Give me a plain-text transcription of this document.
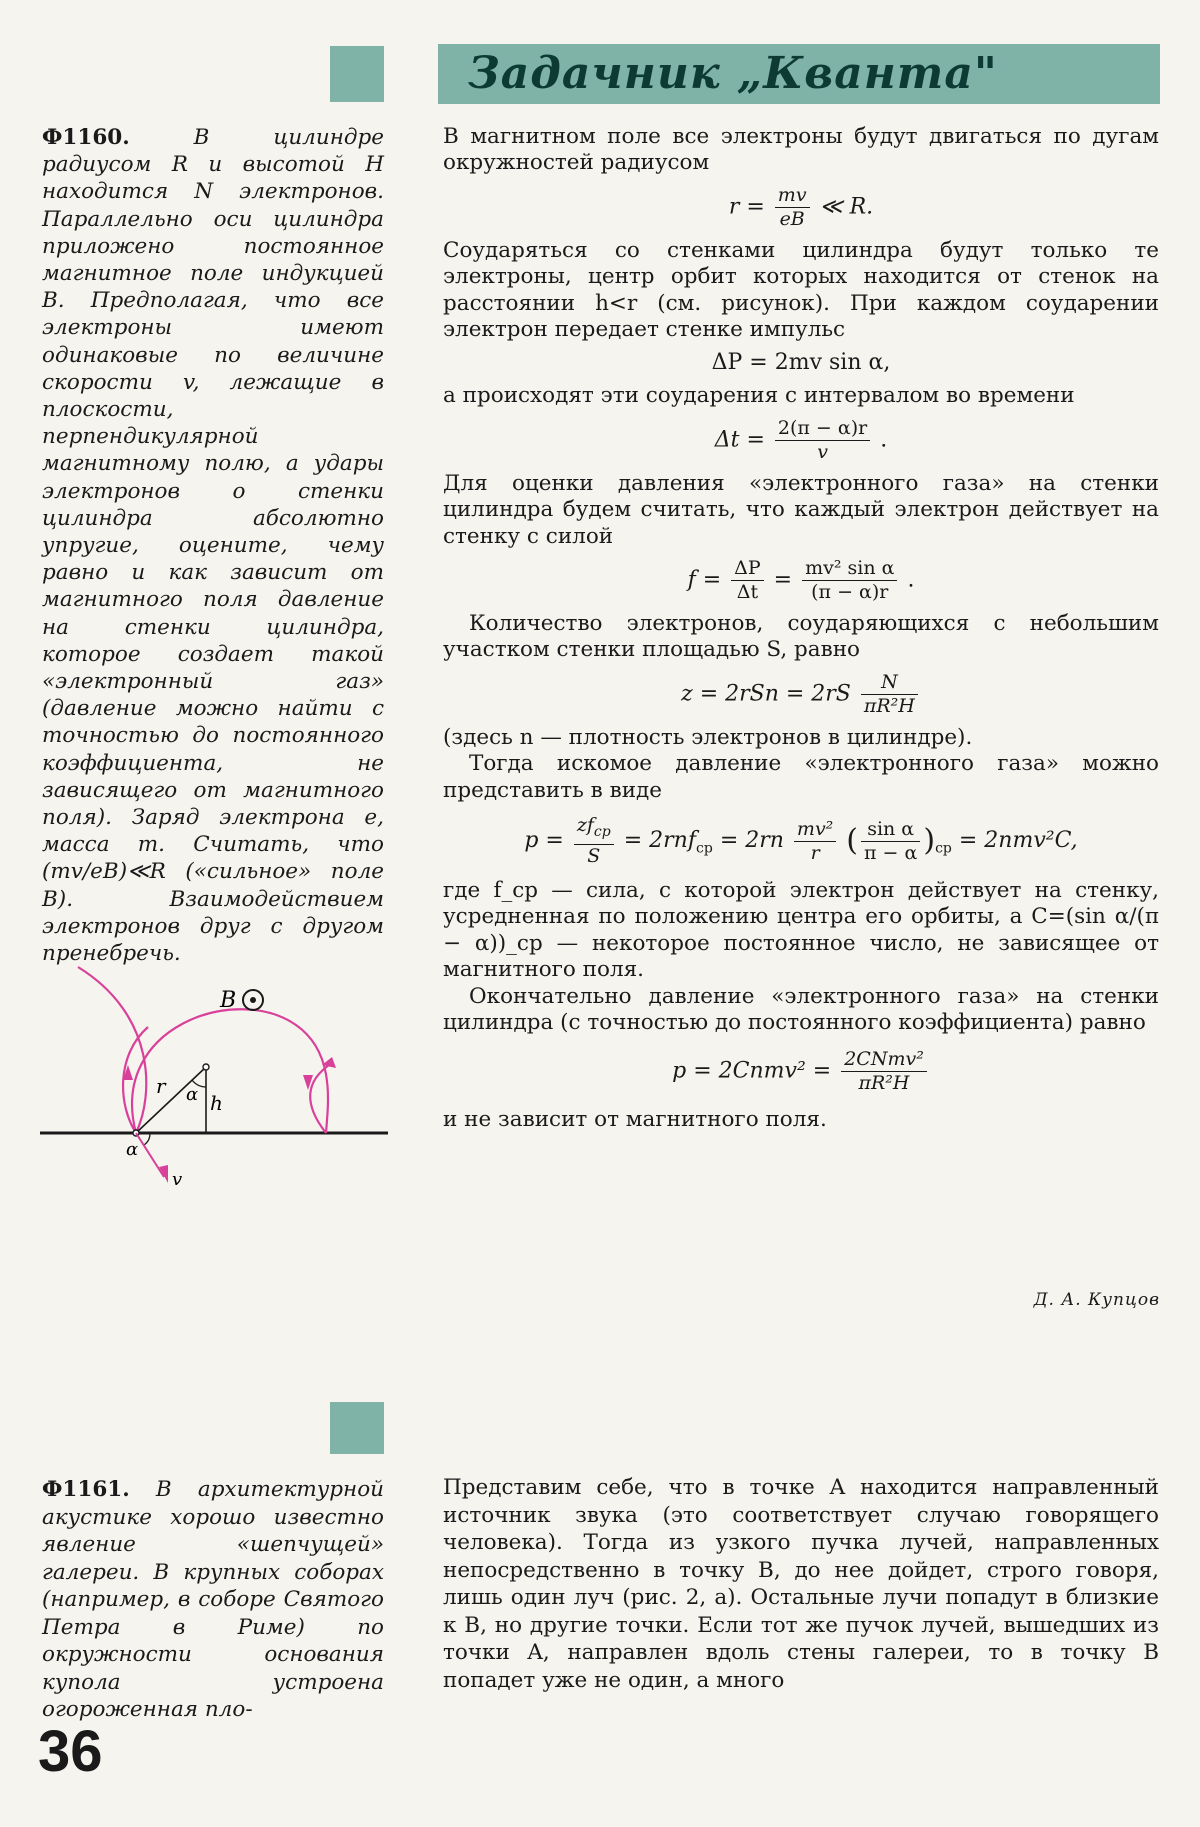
Задачник „Кванта"
Ф1160.	В цилиндре радиусом R и высотой H находится N электронов. Параллельно оси цилиндра приложено постоянное магнитное поле индукцией B. Предполагая, что все электроны имеют одинаковые по величине скорости v, лежащие в плоскости, перпендикулярной магнитному полю, а удары электронов о стенки цилиндра абсолютно упругие, оцените, чему равно и как зависит от магнитного поля давление на стенки цилиндра, которое создает такой «электронный газ» (давление можно найти с точностью до постоянного коэффициента, не зависящего от магнитного поля). Заряд электрона e, масса m. Считать, что (mv/eB)≪R («сильное» поле B). Взаимодействием электронов друг с другом пренебречь.
B
r α h
α
v

В магнитном поле все электроны будут двигаться по дугам окружностей радиусом

$r = \frac{mv}{eB}$ ≪ R.

Соударяться со стенками цилиндра будут только те электроны, центр орбит которых находится от стенок на расстоянии h<r (см. рисунок). При каждом соударении электрон передает стенке импульс

ΔP = 2mv sin α,

а происходят эти соударения с интервалом во времени

$\Delta t = \frac{2(\pi - \alpha)r}{v}$ .

Для оценки давления «электронного газа» на стенки цилиндра будем считать, что каждый электрон действует на стенку с силой

$f = \frac{\Delta P}{\Delta t} = \frac{\text{mv² sin α}}{(\pi - \alpha)r}$ .

Количество электронов, соударяющихся с небольшим участком стенки площадью S, равно

$z = 2rSn = 2rS \frac{N}{\text{πR²H}}$

(здесь n — плотность электронов в цилиндре).

Тогда искомое давление «электронного газа» можно представить в виде

$p = \frac{zf_{ср}}{S} = 2rnf_{ср} = 2rn \frac{\text{mv²}}{r}$ ( $\frac{\text{sin α}}{\pi - \alpha} )_{ср} = 2nmv^2C$,

где f_ср — сила, с которой электрон действует на стенку, усредненная по положению центра его орбиты, а C=(sin α/(π − α))_ср — некоторое постоянное число, не зависящее от магнитного поля.

Окончательно давление «электронного газа» на стенки цилиндра (с точностью до постоянного коэффициента) равно

p = 2Cnmv² = $\frac{\text{2CNmv²}}{\text{πR²H}}$

и не зависит от магнитного поля.

Д. А. Купцов
Ф1161. В архитектурной акустике хорошо известно явление «шепчущей» галереи. В крупных соборах (например, в соборе Святого Петра в Риме) по окружности основания купола устроена огороженная пло-

Представим себе, что в точке A находится направленный источник звука (это соответствует случаю говорящего человека). Тогда из узкого пучка лучей, направленных непосредственно в точку B, до нее дойдет, строго говоря, лишь один луч (рис. 2, а). Остальные лучи попадут в близкие к B, но другие точки. Если тот же пучок лучей, вышедших из точки A, направлен вдоль стены галереи, то в точку B попадет уже не один, а много

36
